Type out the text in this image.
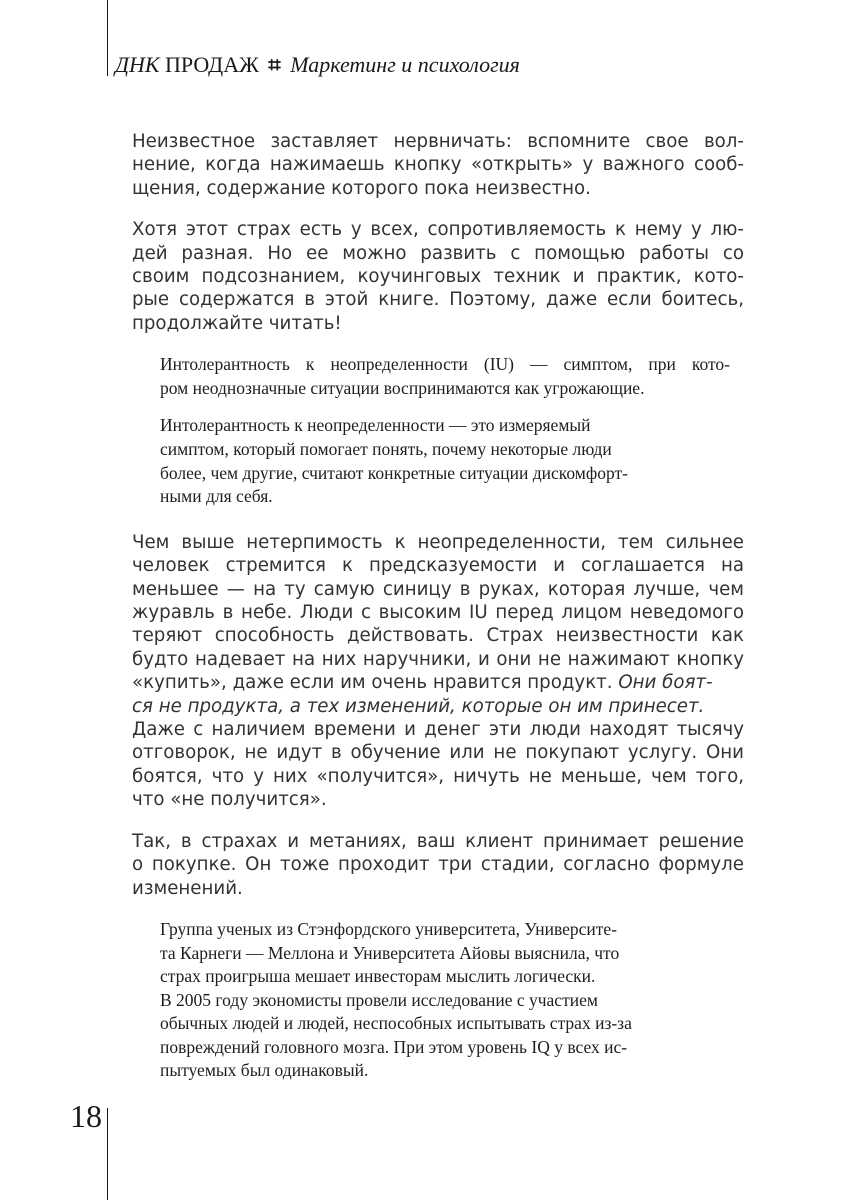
ДНК ПРОДАЖ ⌗ Маркетинг и психология
18
Неизвестное заставляет нервничать: вспомните свое вол-
нение, когда нажимаешь кнопку «открыть» у важного сооб-
щения, содержание которого пока неизвестно.
Хотя этот страх есть у всех, сопротивляемость к нему у лю-
дей разная. Но ее можно развить с помощью работы со
своим подсознанием, коучинговых техник и практик, кото-
рые содержатся в этой книге. Поэтому, даже если боитесь,
продолжайте читать!
Интолерантность к неопределенности (IU) — симптом, при кото-
ром неоднозначные ситуации воспринимаются как угрожающие.
Интолерантность к неопределенности — это измеряемый
симптом, который помогает понять, почему некоторые люди
более, чем другие, считают конкретные ситуации дискомфорт-
ными для себя.
Чем выше нетерпимость к неопределенности, тем сильнее
человек стремится к предсказуемости и соглашается на
меньшее — на ту самую синицу в руках, которая лучше, чем
журавль в небе. Люди с высоким IU перед лицом неведомого
теряют способность действовать. Страх неизвестности как
будто надевает на них наручники, и они не нажимают кнопку
«купить», даже если им очень нравится продукт. Они боят-
ся не продукта, а тех изменений, которые он им принесет.
Даже с наличием времени и денег эти люди находят тысячу
отговорок, не идут в обучение или не покупают услугу. Они
боятся, что у них «получится», ничуть не меньше, чем того,
что «не получится».
Так, в страхах и метаниях, ваш клиент принимает решение
о покупке. Он тоже проходит три стадии, согласно формуле
изменений.
Группа ученых из Стэнфордского университета, Университе-
та Карнеги — Меллона и Университета Айовы выяснила, что
страх проигрыша мешает инвесторам мыслить логически.
В 2005 году экономисты провели исследование с участием
обычных людей и людей, неспособных испытывать страх из-за
повреждений головного мозга. При этом уровень IQ у всех ис-
пытуемых был одинаковый.
